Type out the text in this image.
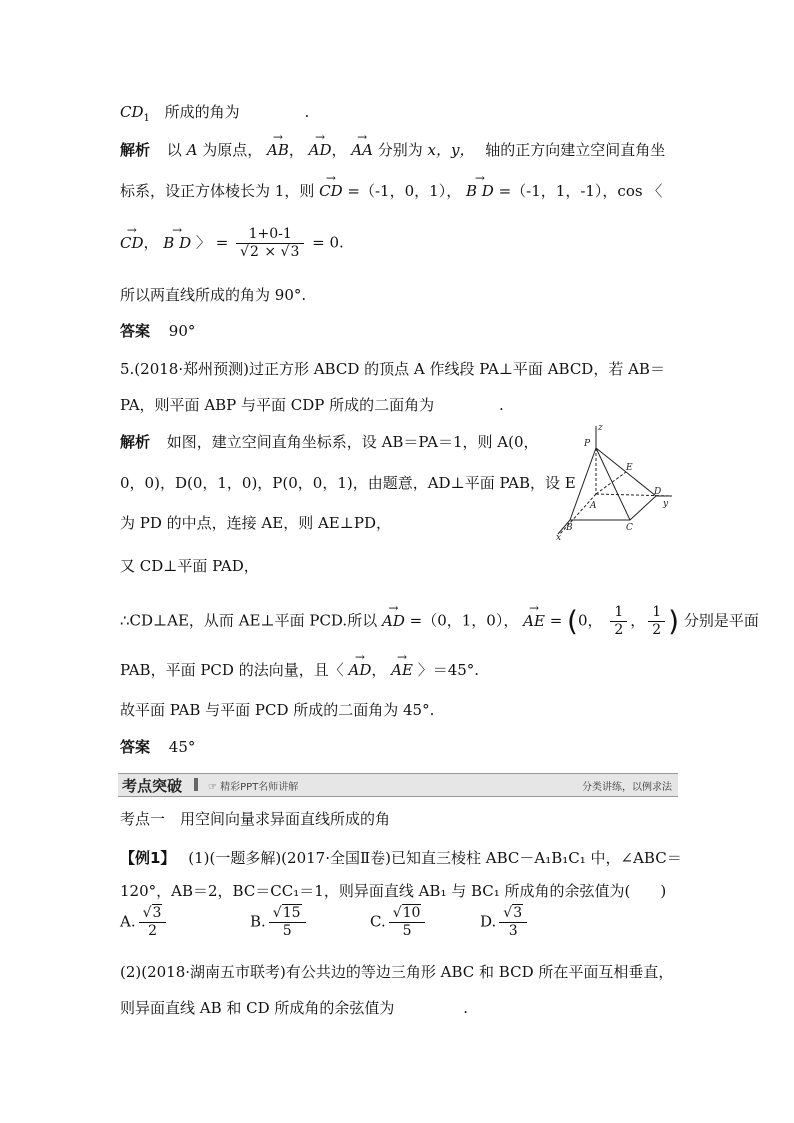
$CD_1$ 所成的角为	.
解析 以 A 为原点， → AB， → AD， → AA 分别为 x，y， 轴的正方向建立空间直角坐
标系，设正方体棱长为 1，则 → CD =（-1，0，1）， → B D =（-1，1，-1），cos 〈
→ CD， → B D 〉 = $\frac{1+0-1}{√2 \times √3} = 0$.
所以两直线所成的角为 90°.
答案 90°
5.(2018·郑州预测)过正方形 ABCD 的顶点 A 作线段 PA⊥平面 ABCD，若 AB＝
PA，则平面 ABP 与平面 CDP 所成的二面角为	.
解析 如图，建立空间直角坐标系，设 AB＝PA＝1，则 A(0，
0，0)，D(0，1，0)，P(0，0，1)，由题意，AD⊥平面 PAB，设 E
为 PD 的中点，连接 AE，则 AE⊥PD，
又 CD⊥平面 PAD，
∴CD⊥AE，从而 AE⊥平面 PCD.所以 → AD =（0，1，0）， → AE = (0， $\frac{1}{2}$ ， $\frac{1}{2}$ ) 分别是平面
PAB，平面 PCD 的法向量，且〈 → AD， → AE 〉＝45°.
故平面 PAB 与平面 PCD 所成的二面角为 45°.
答案 45°
P
z
E
D
y
A
B	C
x
考点突破	☞ 精彩PPT名师讲解	分类讲练，以例求法
考点一　用空间向量求异面直线所成的角
【例1】 (1)(一题多解)(2017·全国Ⅱ卷)已知直三棱柱 ABC－A₁B₁C₁ 中，∠ABC＝
120°，AB＝2，BC＝CC₁＝1，则异面直线 AB₁ 与 BC₁ 所成角的余弦值为(　　)
A. $\frac{√3}{2}$	B. $\frac{√15}{5}$	C. $\frac{√10}{5}$	D. $\frac{√3}{3}$
(2)(2018·湖南五市联考)有公共边的等边三角形 ABC 和 BCD 所在平面互相垂直，
则异面直线 AB 和 CD 所成角的余弦值为	.
